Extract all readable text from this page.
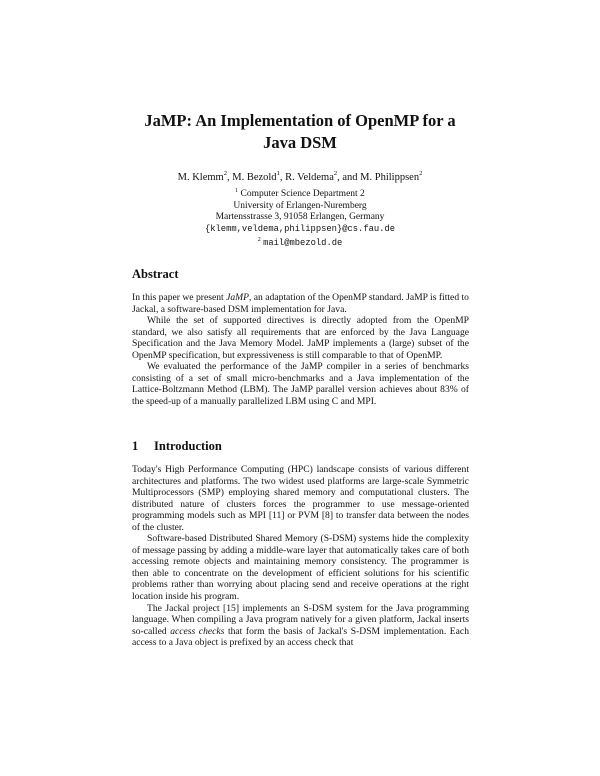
JaMP: An Implementation of OpenMP for a
Java DSM
M. Klemm$^2$, M. Bezold$^1$, R. Veldema$^2$, and M. Philippsen$^2$
$^1$ Computer Science Department 2
University of Erlangen-Nuremberg
Martensstrasse 3, 91058 Erlangen, Germany
{klemm,veldema,philippsen}@cs.fau.de
$^2$ mail@mbezold.de
Abstract

In this paper we present JaMP, an adaptation of the OpenMP standard. JaMP is fitted to Jackal, a software-based DSM implementation for Java.

While the set of supported directives is directly adopted from the OpenMP standard, we also satisfy all requirements that are enforced by the Java Language Specification and the Java Memory Model. JaMP implements a (large) subset of the OpenMP specification, but expressiveness is still comparable to that of OpenMP.

We evaluated the performance of the JaMP compiler in a series of benchmarks consisting of a set of small micro-benchmarks and a Java implementation of the Lattice-Boltzmann Method (LBM). The JaMP parallel version achieves about 83% of the speed-up of a manually parallelized LBM using C and MPI.

1 Introduction

Today's High Performance Computing (HPC) landscape consists of various different architectures and platforms. The two widest used platforms are large-scale Symmetric Multiprocessors (SMP) employing shared memory and computational clusters. The distributed nature of clusters forces the programmer to use message-oriented programming models such as MPI [11] or PVM [8] to transfer data between the nodes of the cluster.

Software-based Distributed Shared Memory (S-DSM) systems hide the complexity of message passing by adding a middle-ware layer that automatically takes care of both accessing remote objects and maintaining memory consistency. The programmer is then able to concentrate on the development of efficient solutions for his scientific problems rather than worrying about placing send and receive operations at the right location inside his program.

The Jackal project [15] implements an S-DSM system for the Java programming language. When compiling a Java program natively for a given platform, Jackal inserts so-called access checks that form the basis of Jackal's S-DSM implementation. Each access to a Java object is prefixed by an access check that
